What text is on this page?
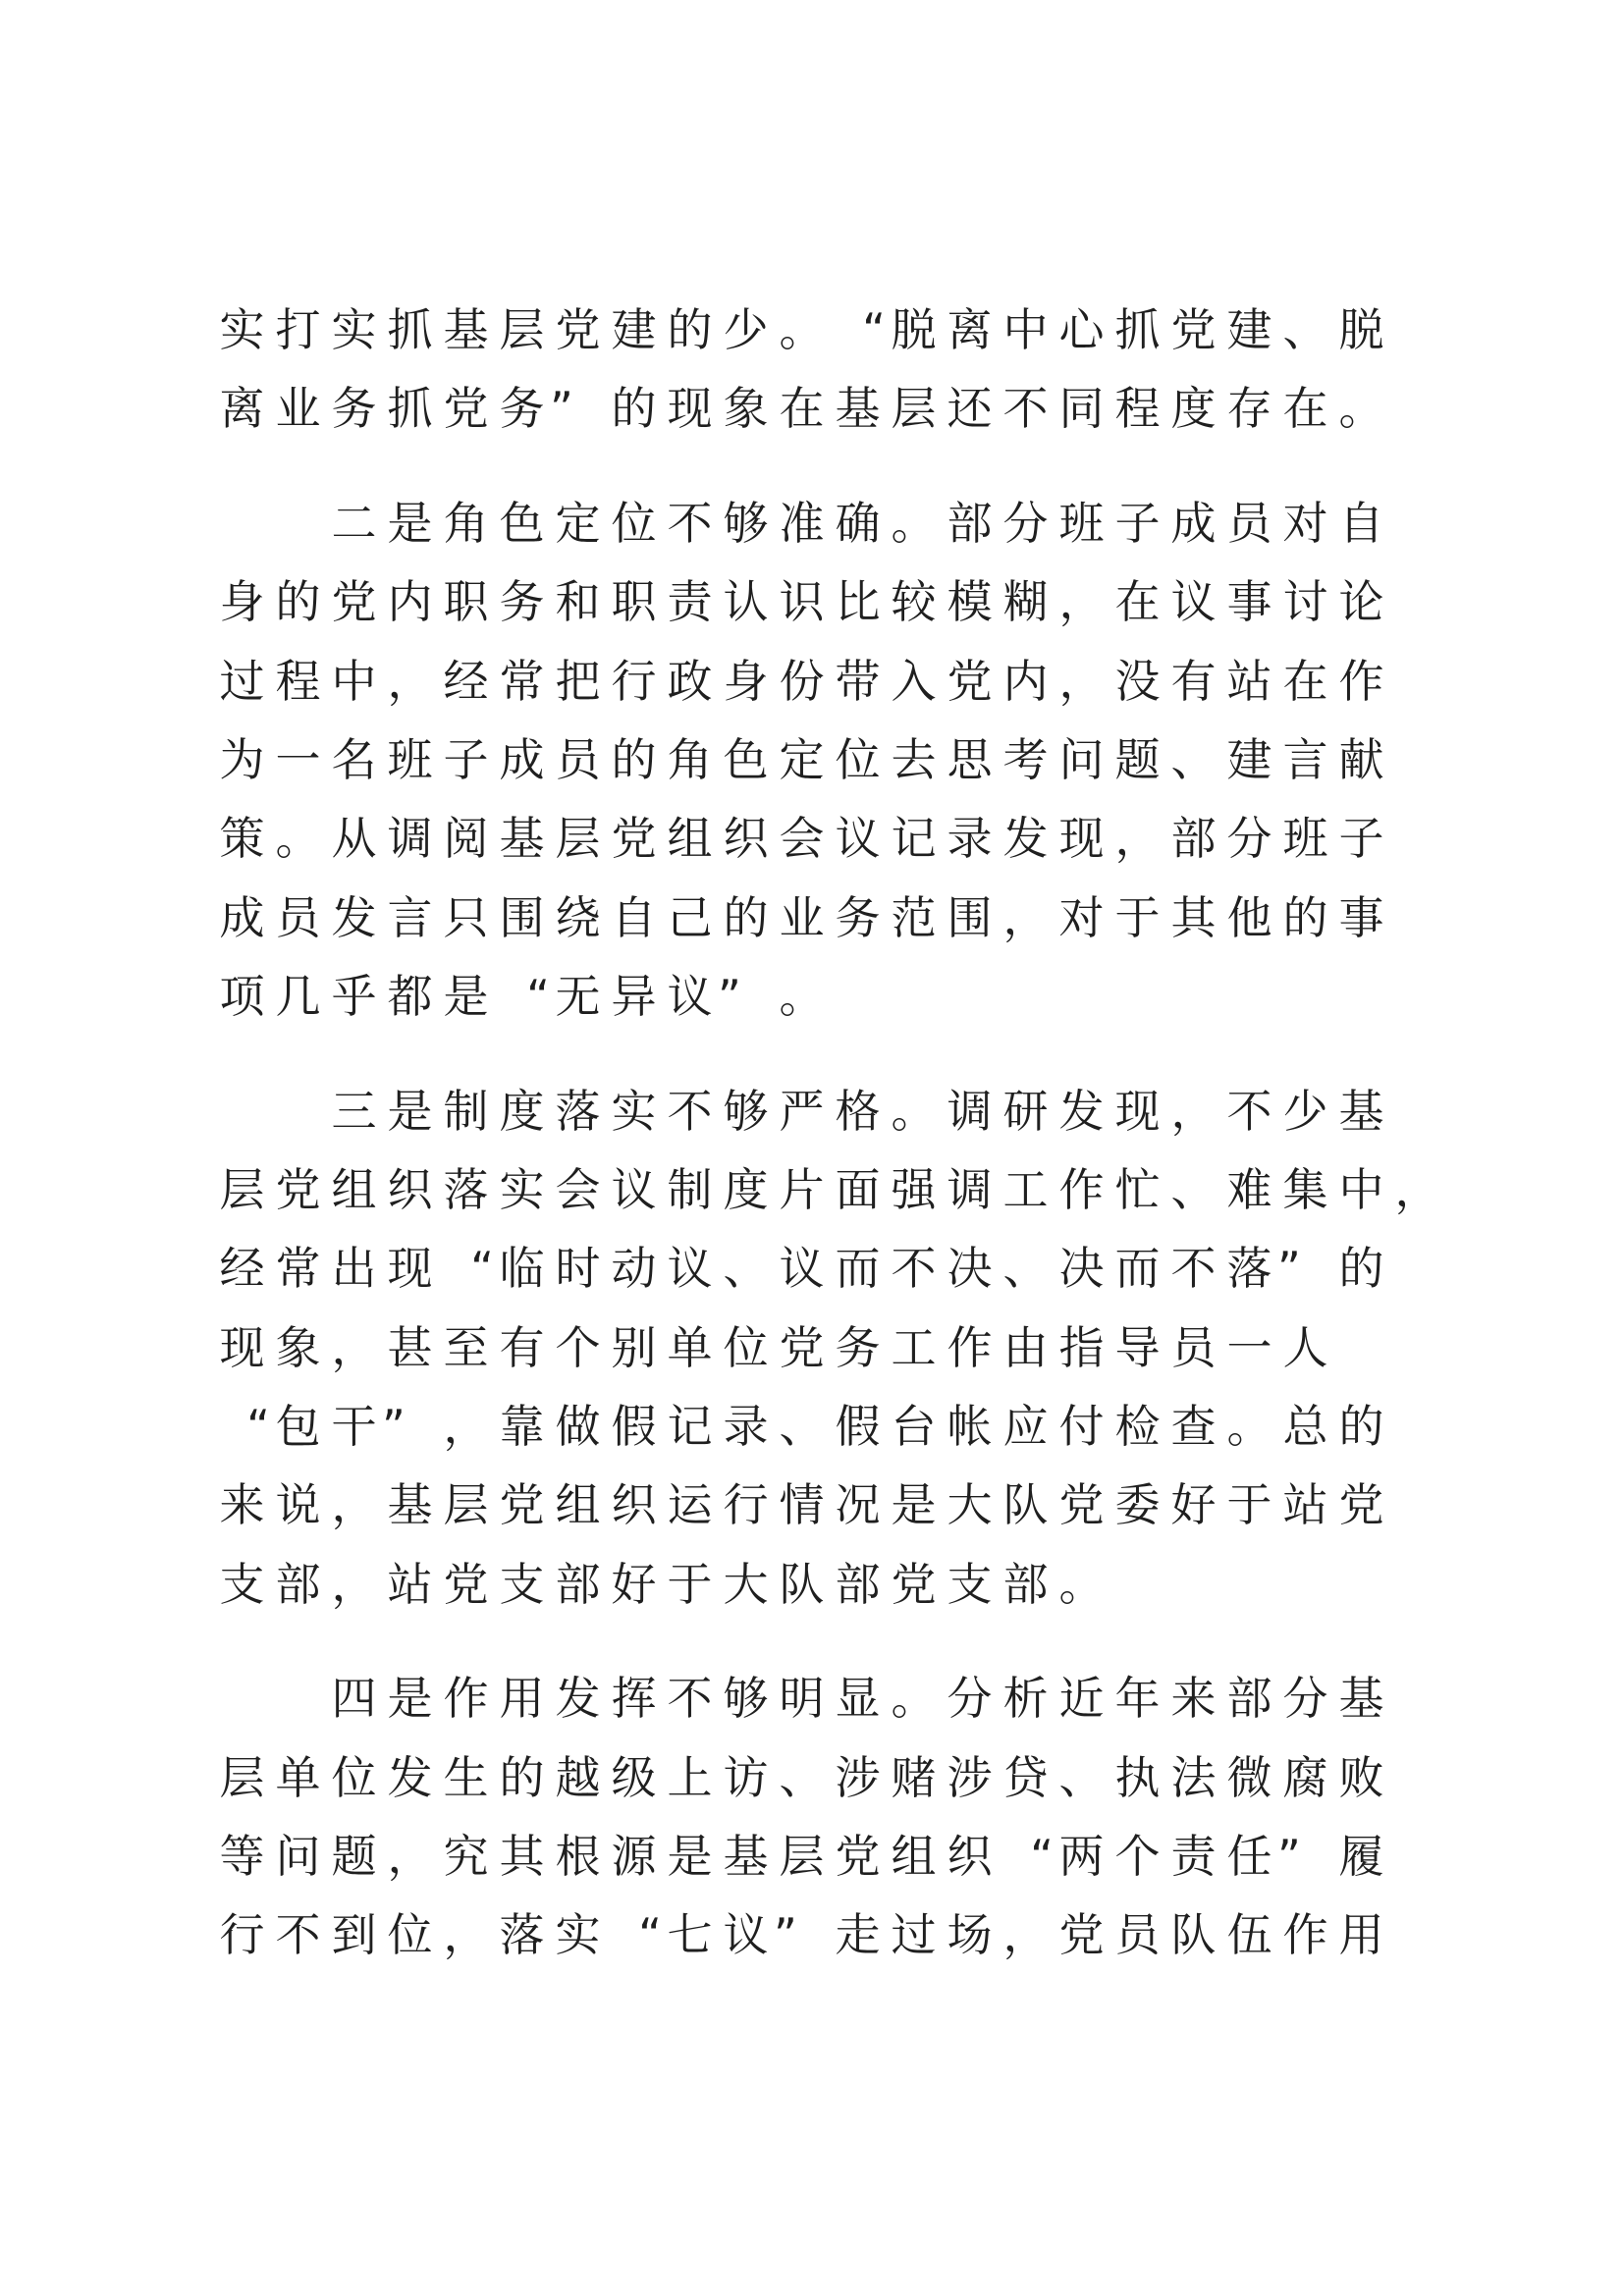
实 打 实 抓 基 层 党 建 的 少 。 “ 脱 离 中 心 抓 党 建 、 脱
离 业 务 抓 党 务 ” 的 现 象 在 基 层 还 不 同 程 度 存 在 。
二 是 角 色 定 位 不 够 准 确 。 部 分 班 子 成 员 对 自
身 的 党 内 职 务 和 职 责 认 识 比 较 模 糊 ， 在 议 事 讨 论
过 程 中 ， 经 常 把 行 政 身 份 带 入 党 内 ， 没 有 站 在 作
为 一 名 班 子 成 员 的 角 色 定 位 去 思 考 问 题 、 建 言 献
策 。 从 调 阅 基 层 党 组 织 会 议 记 录 发 现 ， 部 分 班 子
成 员 发 言 只 围 绕 自 己 的 业 务 范 围 ， 对 于 其 他 的 事
项 几 乎 都 是 “ 无 异 议 ” 。
三 是 制 度 落 实 不 够 严 格 。 调 研 发 现 ， 不 少 基
层 党 组 织 落 实 会 议 制 度 片 面 强 调 工 作 忙 、 难 集 中 ，
经 常 出 现 “ 临 时 动 议 、 议 而 不 决 、 决 而 不 落 ” 的
现 象 ， 甚 至 有 个 别 单 位 党 务 工 作 由 指 导 员 一 人
“ 包 干 ” ， 靠 做 假 记 录 、 假 台 帐 应 付 检 查 。 总 的
来 说 ， 基 层 党 组 织 运 行 情 况 是 大 队 党 委 好 于 站 党
支 部 ， 站 党 支 部 好 于 大 队 部 党 支 部 。
四 是 作 用 发 挥 不 够 明 显 。 分 析 近 年 来 部 分 基
层 单 位 发 生 的 越 级 上 访 、 涉 赌 涉 贷 、 执 法 微 腐 败
等 问 题 ， 究 其 根 源 是 基 层 党 组 织 “ 两 个 责 任 ” 履
行 不 到 位 ， 落 实 “ 七 议 ” 走 过 场 ， 党 员 队 伍 作 用
